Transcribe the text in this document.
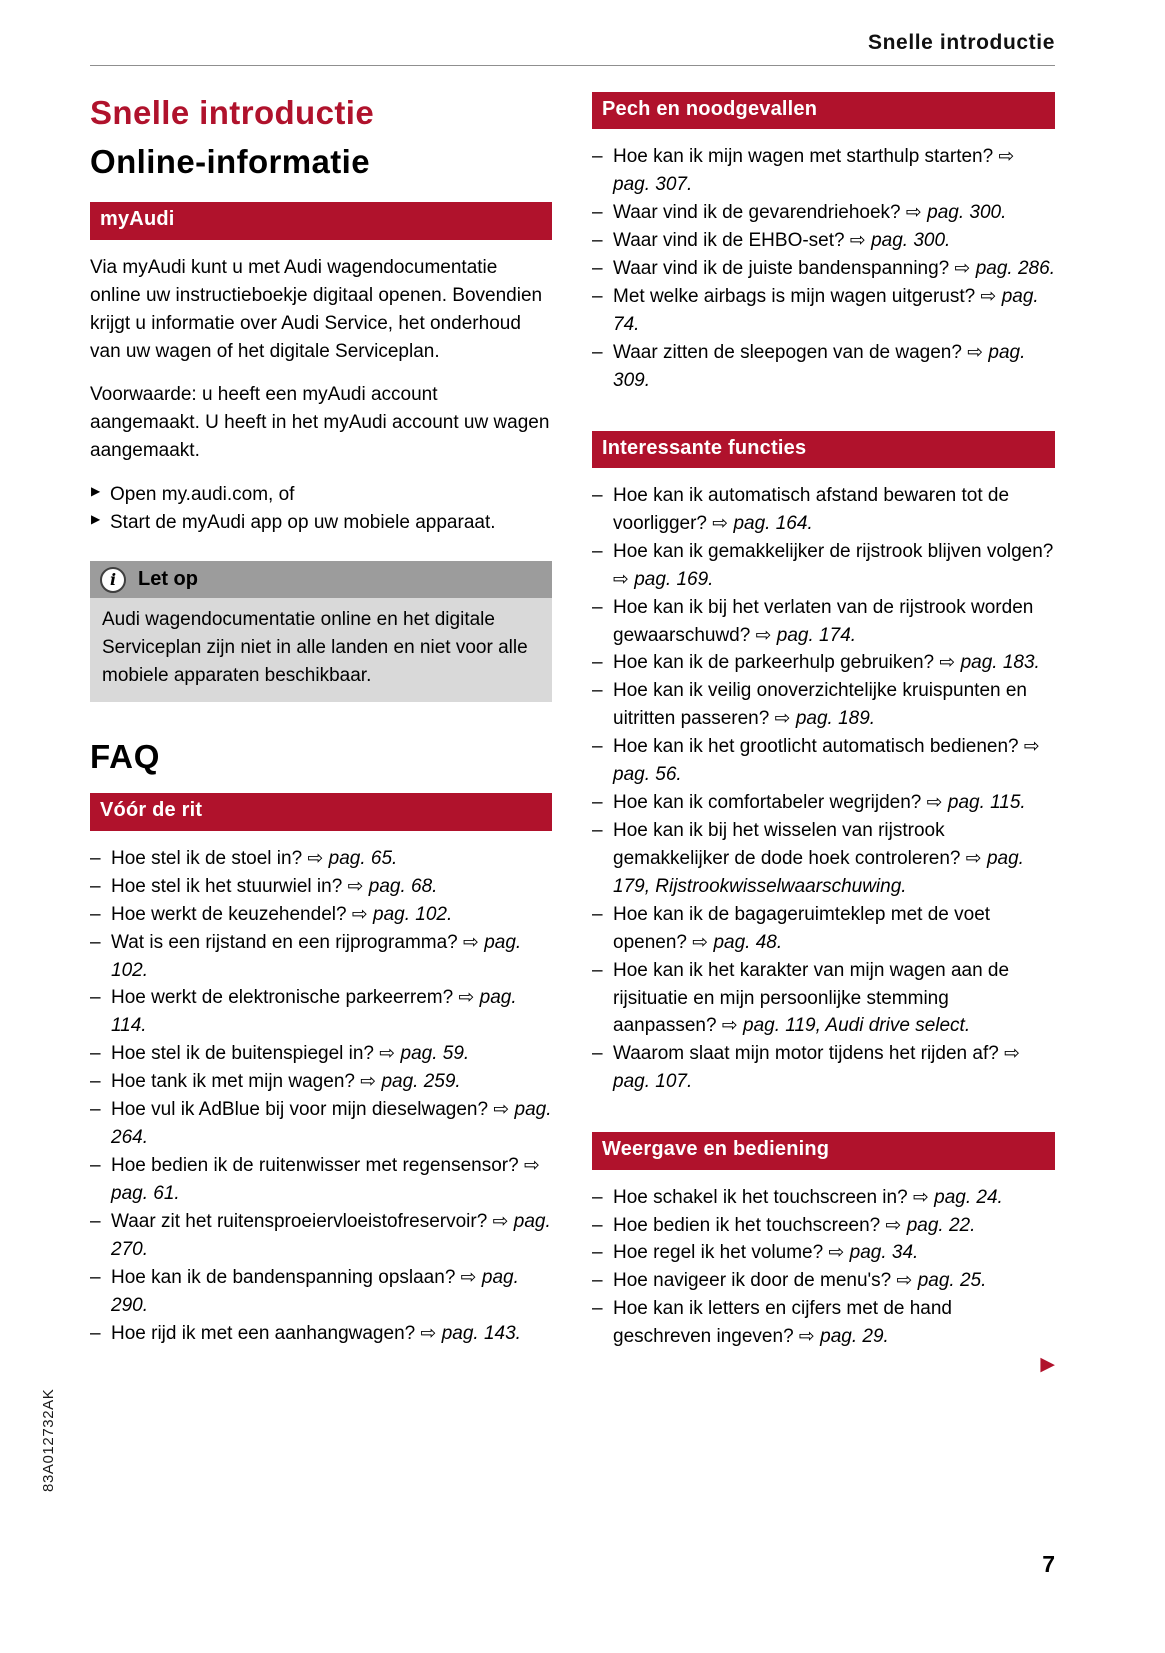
Snelle introductie
Snelle introductie
Online-informatie
myAudi

Via myAudi kunt u met Audi wagendocumentatie online uw instructieboekje digitaal openen. Bovendien krijgt u informatie over Audi Service, het onderhoud van uw wagen of het digitale Serviceplan.

Voorwaarde: u heeft een myAudi account aangemaakt. U heeft in het myAudi account uw wagen aangemaakt.

▶ Open my.audi.com, of
▶ Start de myAudi app op uw mobiele apparaat.
i Let op
Audi wagendocumentatie online en het digitale Serviceplan zijn niet in alle landen en niet voor alle mobiele apparaten beschikbaar.
FAQ
Vóór de rit
– Hoe stel ik de stoel in? ⇨ pag. 65.
– Hoe stel ik het stuurwiel in? ⇨ pag. 68.
– Hoe werkt de keuzehendel? ⇨ pag. 102.
– Wat is een rijstand en een rijprogramma? ⇨ pag. 102.
– Hoe werkt de elektronische parkeerrem? ⇨ pag. 114.
– Hoe stel ik de buitenspiegel in? ⇨ pag. 59.
– Hoe tank ik met mijn wagen? ⇨ pag. 259.
– Hoe vul ik AdBlue bij voor mijn dieselwagen? ⇨ pag. 264.
– Hoe bedien ik de ruitenwisser met regensensor? ⇨ pag. 61.
– Waar zit het ruitensproeiervloeistofreservoir? ⇨ pag. 270.
– Hoe kan ik de bandenspanning opslaan? ⇨ pag. 290.
– Hoe rijd ik met een aanhangwagen? ⇨ pag. 143.
Pech en noodgevallen
– Hoe kan ik mijn wagen met starthulp starten? ⇨ pag. 307.
– Waar vind ik de gevarendriehoek? ⇨ pag. 300.
– Waar vind ik de EHBO-set? ⇨ pag. 300.
– Waar vind ik de juiste bandenspanning? ⇨ pag. 286.
– Met welke airbags is mijn wagen uitgerust? ⇨ pag. 74.
– Waar zitten de sleepogen van de wagen? ⇨ pag. 309.
Interessante functies
– Hoe kan ik automatisch afstand bewaren tot de voorligger? ⇨ pag. 164.
– Hoe kan ik gemakkelijker de rijstrook blijven volgen? ⇨ pag. 169.
– Hoe kan ik bij het verlaten van de rijstrook worden gewaarschuwd? ⇨ pag. 174.
– Hoe kan ik de parkeerhulp gebruiken? ⇨ pag. 183.
– Hoe kan ik veilig onoverzichtelijke kruispunten en uitritten passeren? ⇨ pag. 189.
– Hoe kan ik het grootlicht automatisch bedienen? ⇨ pag. 56.
– Hoe kan ik comfortabeler wegrijden? ⇨ pag. 115.
– Hoe kan ik bij het wisselen van rijstrook gemakkelijker de dode hoek controleren? ⇨ pag. 179, Rijstrookwisselwaarschuwing.
– Hoe kan ik de bagageruimteklep met de voet openen? ⇨ pag. 48.
– Hoe kan ik het karakter van mijn wagen aan de rijsituatie en mijn persoonlijke stemming aanpassen? ⇨ pag. 119, Audi drive select.
– Waarom slaat mijn motor tijdens het rijden af? ⇨ pag. 107.
Weergave en bediening
– Hoe schakel ik het touchscreen in? ⇨ pag. 24.
– Hoe bedien ik het touchscreen? ⇨ pag. 22.
– Hoe regel ik het volume? ⇨ pag. 34.
– Hoe navigeer ik door de menu's? ⇨ pag. 25.
– Hoe kan ik letters en cijfers met de hand geschreven ingeven? ⇨ pag. 29.
▶
7
83A012732AK
